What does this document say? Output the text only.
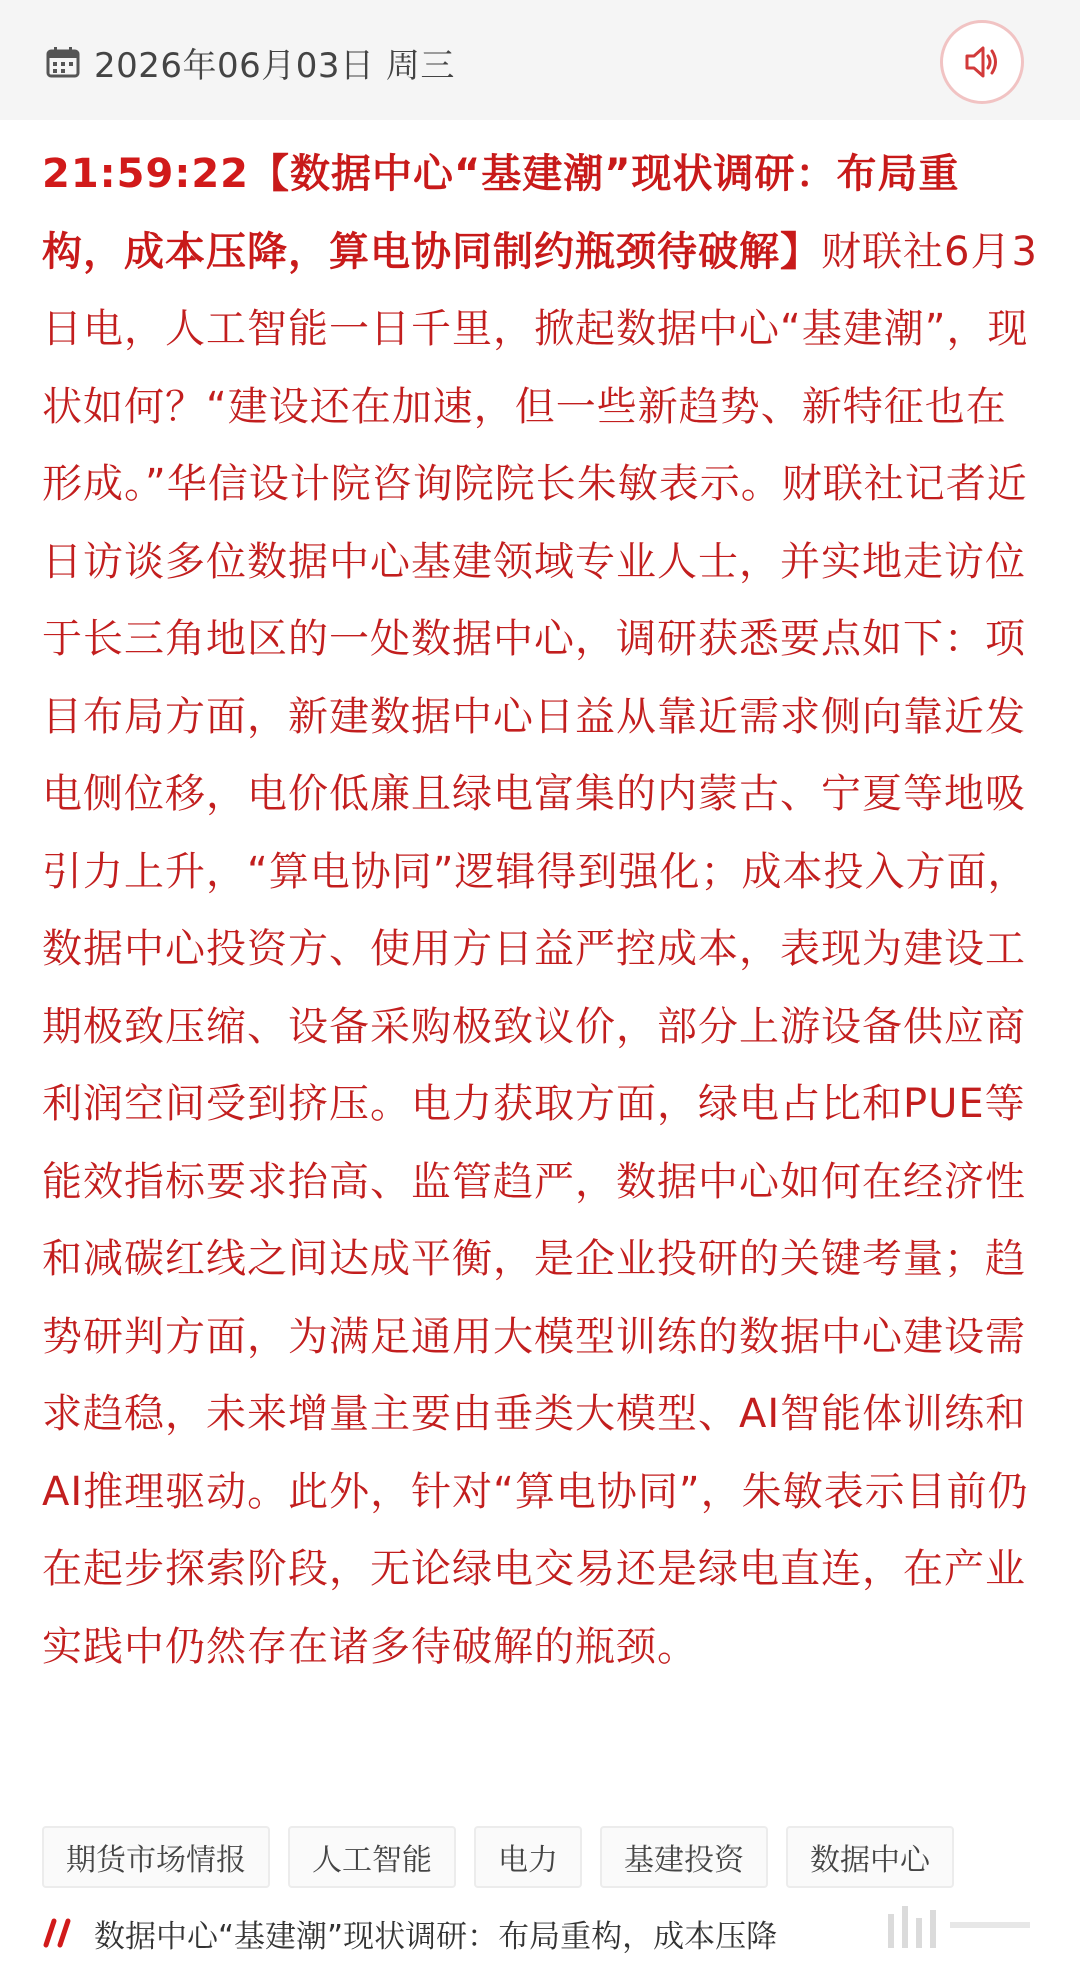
2026年06月03日 周三
21:59:22【数据中心“基建潮”现状调研：布局重构，成本压降，算电协同制约瓶颈待破解】财联社6月3日电，人工智能一日千里，掀起数据中心“基建潮”，现状如何？“建设还在加速，但一些新趋势、新特征也在形成。”华信设计院咨询院院长朱敏表示。财联社记者近日访谈多位数据中心基建领域专业人士，并实地走访位于长三角地区的一处数据中心，调研获悉要点如下：项目布局方面，新建数据中心日益从靠近需求侧向靠近发电侧位移，电价低廉且绿电富集的内蒙古、宁夏等地吸引力上升，“算电协同”逻辑得到强化；成本投入方面，数据中心投资方、使用方日益严控成本，表现为建设工期极致压缩、设备采购极致议价，部分上游设备供应商利润空间受到挤压。电力获取方面，绿电占比和PUE等能效指标要求抬高、监管趋严，数据中心如何在经济性和减碳红线之间达成平衡，是企业投研的关键考量；趋势研判方面，为满足通用大模型训练的数据中心建设需求趋稳，未来增量主要由垂类大模型、AI智能体训练和AI推理驱动。此外，针对“算电协同”，朱敏表示目前仍在起步探索阶段，无论绿电交易还是绿电直连，在产业实践中仍然存在诸多待破解的瓶颈。
期货市场情报	人工智能	电力	基建投资	数据中心
数据中心“基建潮”现状调研：布局重构，成本压降
